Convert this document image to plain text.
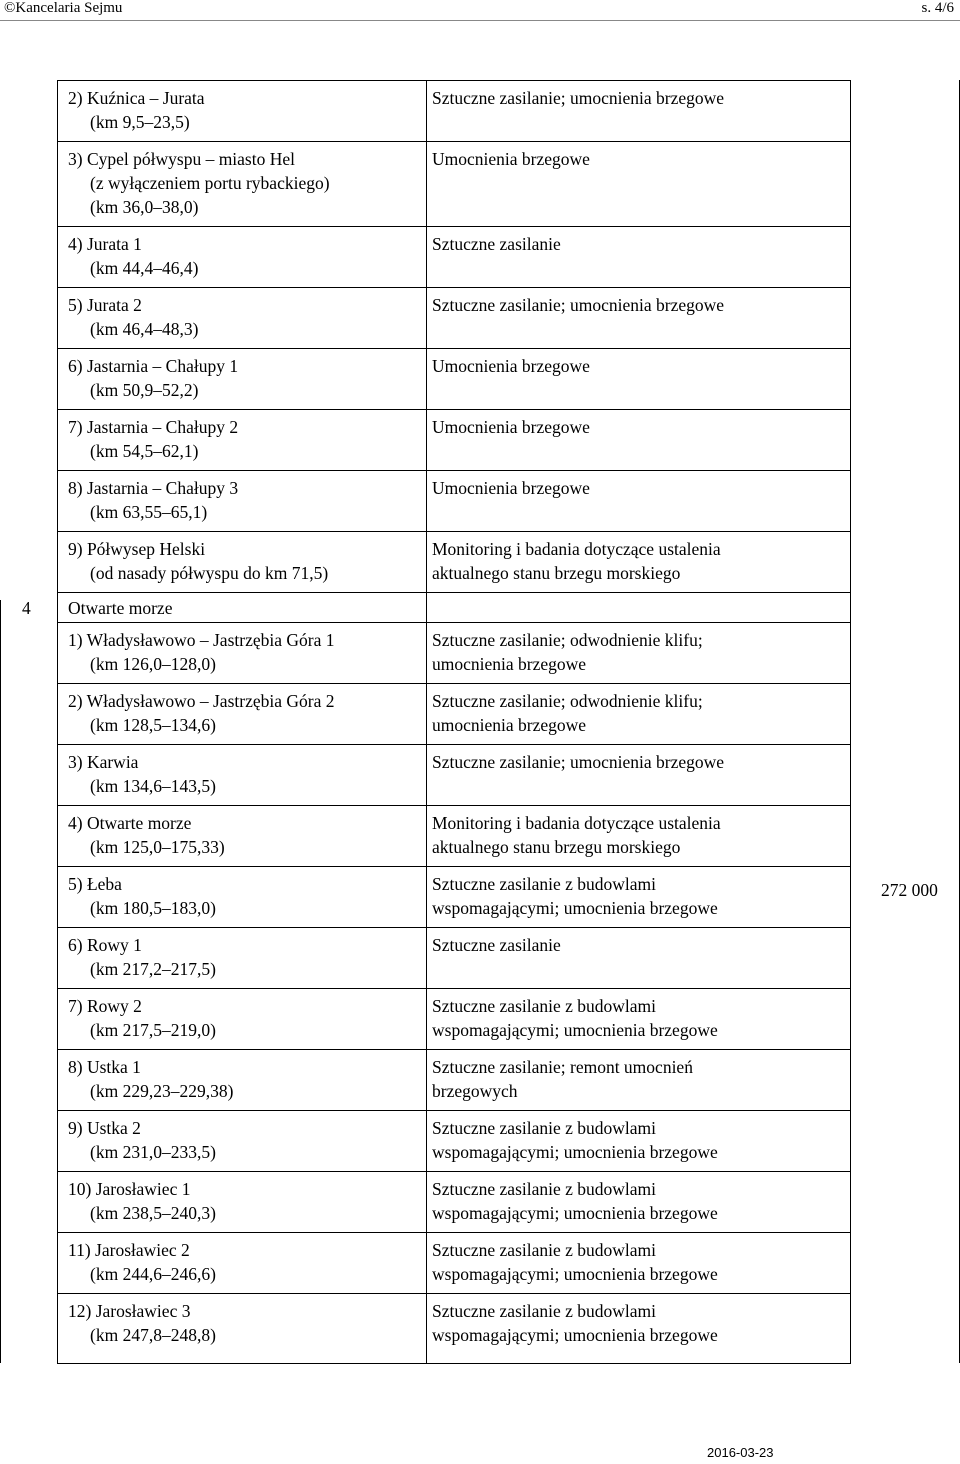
©Kancelaria Sejmu	s. 4/6
2) Kuźnica – Jurata
(km 9,5–23,5)
Sztuczne zasilanie; umocnienia brzegowe
3) Cypel półwyspu – miasto Hel
(z wyłączeniem portu rybackiego)
(km 36,0–38,0)
Umocnienia brzegowe
4) Jurata 1
(km 44,4–46,4)
Sztuczne zasilanie
5) Jurata 2
(km 46,4–48,3)
Sztuczne zasilanie; umocnienia brzegowe
6) Jastarnia – Chałupy 1
(km 50,9–52,2)
Umocnienia brzegowe
7) Jastarnia – Chałupy 2
(km 54,5–62,1)
Umocnienia brzegowe
8) Jastarnia – Chałupy 3
(km 63,55–65,1)
Umocnienia brzegowe
9) Półwysep Helski
(od nasady półwyspu do km 71,5)
Monitoring i badania dotyczące ustalenia
aktualnego stanu brzegu morskiego
4 Otwarte morze
1) Władysławowo – Jastrzębia Góra 1
(km 126,0–128,0)
Sztuczne zasilanie; odwodnienie klifu;
umocnienia brzegowe
2) Władysławowo – Jastrzębia Góra 2
(km 128,5–134,6)
Sztuczne zasilanie; odwodnienie klifu;
umocnienia brzegowe
3) Karwia
(km 134,6–143,5)
Sztuczne zasilanie; umocnienia brzegowe
4) Otwarte morze
(km 125,0–175,33)
Monitoring i badania dotyczące ustalenia
aktualnego stanu brzegu morskiego
5) Łeba
(km 180,5–183,0)
Sztuczne zasilanie z budowlami
wspomagającymi; umocnienia brzegowe
6) Rowy 1
(km 217,2–217,5)
Sztuczne zasilanie
7) Rowy 2
(km 217,5–219,0)
Sztuczne zasilanie z budowlami
wspomagającymi; umocnienia brzegowe
8) Ustka 1
(km 229,23–229,38)
Sztuczne zasilanie; remont umocnień
brzegowych
9) Ustka 2
(km 231,0–233,5)
Sztuczne zasilanie z budowlami
wspomagającymi; umocnienia brzegowe
10) Jarosławiec 1
(km 238,5–240,3)
Sztuczne zasilanie z budowlami
wspomagającymi; umocnienia brzegowe
11) Jarosławiec 2
(km 244,6–246,6)
Sztuczne zasilanie z budowlami
wspomagającymi; umocnienia brzegowe
12) Jarosławiec 3
(km 247,8–248,8)
Sztuczne zasilanie z budowlami
wspomagającymi; umocnienia brzegowe
272 000
2016-03-23
